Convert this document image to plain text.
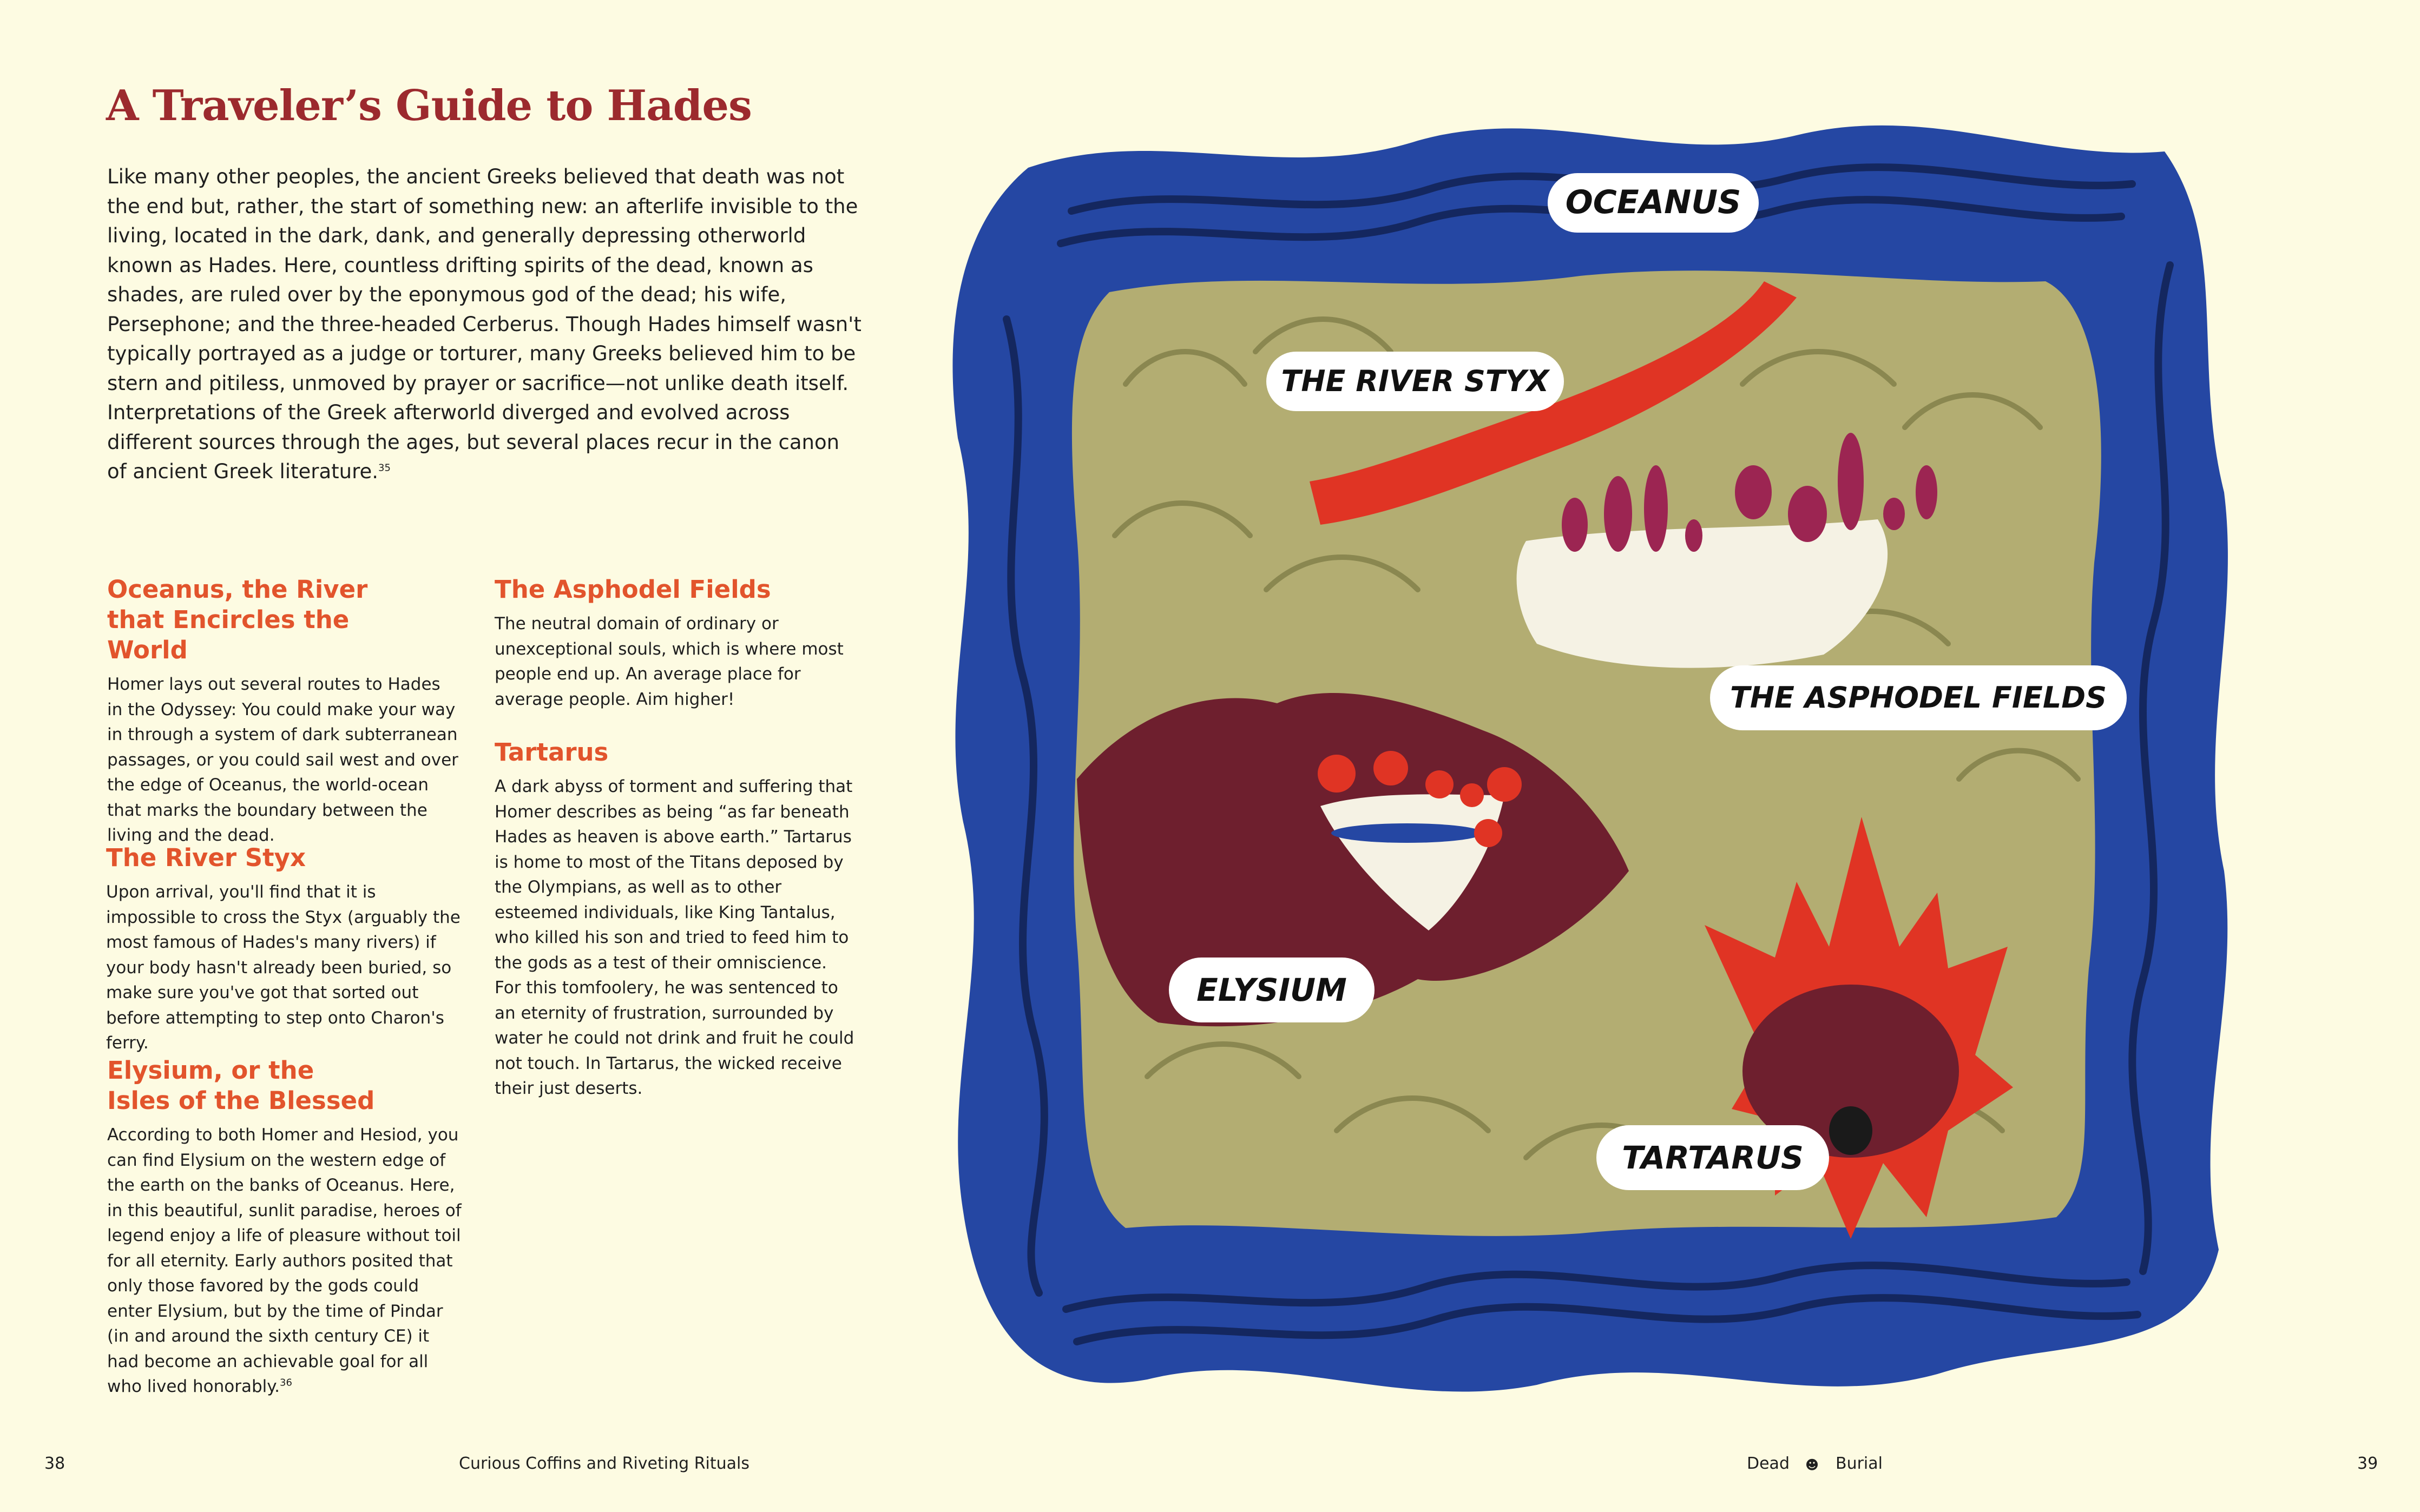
A Traveler’s Guide to Hades

Like many other peoples, the ancient Greeks believed that death was not the end but, rather, the start of something new: an afterlife invisible to the living, located in the dark, dank, and generally depressing otherworld known as Hades. Here, countless drifting spirits of the dead, known as shades, are ruled over by the eponymous god of the dead; his wife, Persephone; and the three-headed Cerberus. Though Hades himself wasn't typically portrayed as a judge or torturer, many Greeks believed him to be stern and pitiless, unmoved by prayer or sacrifice—not unlike death itself. Interpretations of the Greek afterworld diverged and evolved across different sources through the ages, but several places recur in the canon of ancient Greek literature.$^{35}$

Oceanus, the River that Encircles the World

Homer lays out several routes to Hades in the Odyssey: You could make your way in through a system of dark subterranean passages, or you could sail west and over the edge of Oceanus, the world-ocean that marks the boundary between the living and the dead.

The River Styx

Upon arrival, you'll find that it is impossible to cross the Styx (arguably the most famous of Hades's many rivers) if your body hasn't already been buried, so make sure you've got that sorted out before attempting to step onto Charon's ferry.

Elysium, or the Isles of the Blessed

According to both Homer and Hesiod, you can find Elysium on the western edge of the earth on the banks of Oceanus. Here, in this beautiful, sunlit paradise, heroes of legend enjoy a life of pleasure without toil for all eternity. Early authors posited that only those favored by the gods could enter Elysium, but by the time of Pindar (in and around the sixth century CE) it had become an achievable goal for all who lived honorably.$^{36}$

The Asphodel Fields

The neutral domain of ordinary or unexceptional souls, which is where most people end up. An average place for average people. Aim higher!

Tartarus

A dark abyss of torment and suffering that Homer describes as being “as far beneath Hades as heaven is above earth.” Tartarus is home to most of the Titans deposed by the Olympians, as well as to other esteemed individuals, like King Tantalus, who killed his son and tried to feed him to the gods as a test of their omniscience. For this tomfoolery, he was sentenced to an eternity of frustration, surrounded by water he could not drink and fruit he could not touch. In Tartarus, the wicked receive their just deserts.

OCEANUS
THE RIVER STYX
THE ASPHODEL FIELDS
ELYSIUM
TARTARUS
38	Curious Coffins and Riveting Rituals	Dead ☻ Burial	39
